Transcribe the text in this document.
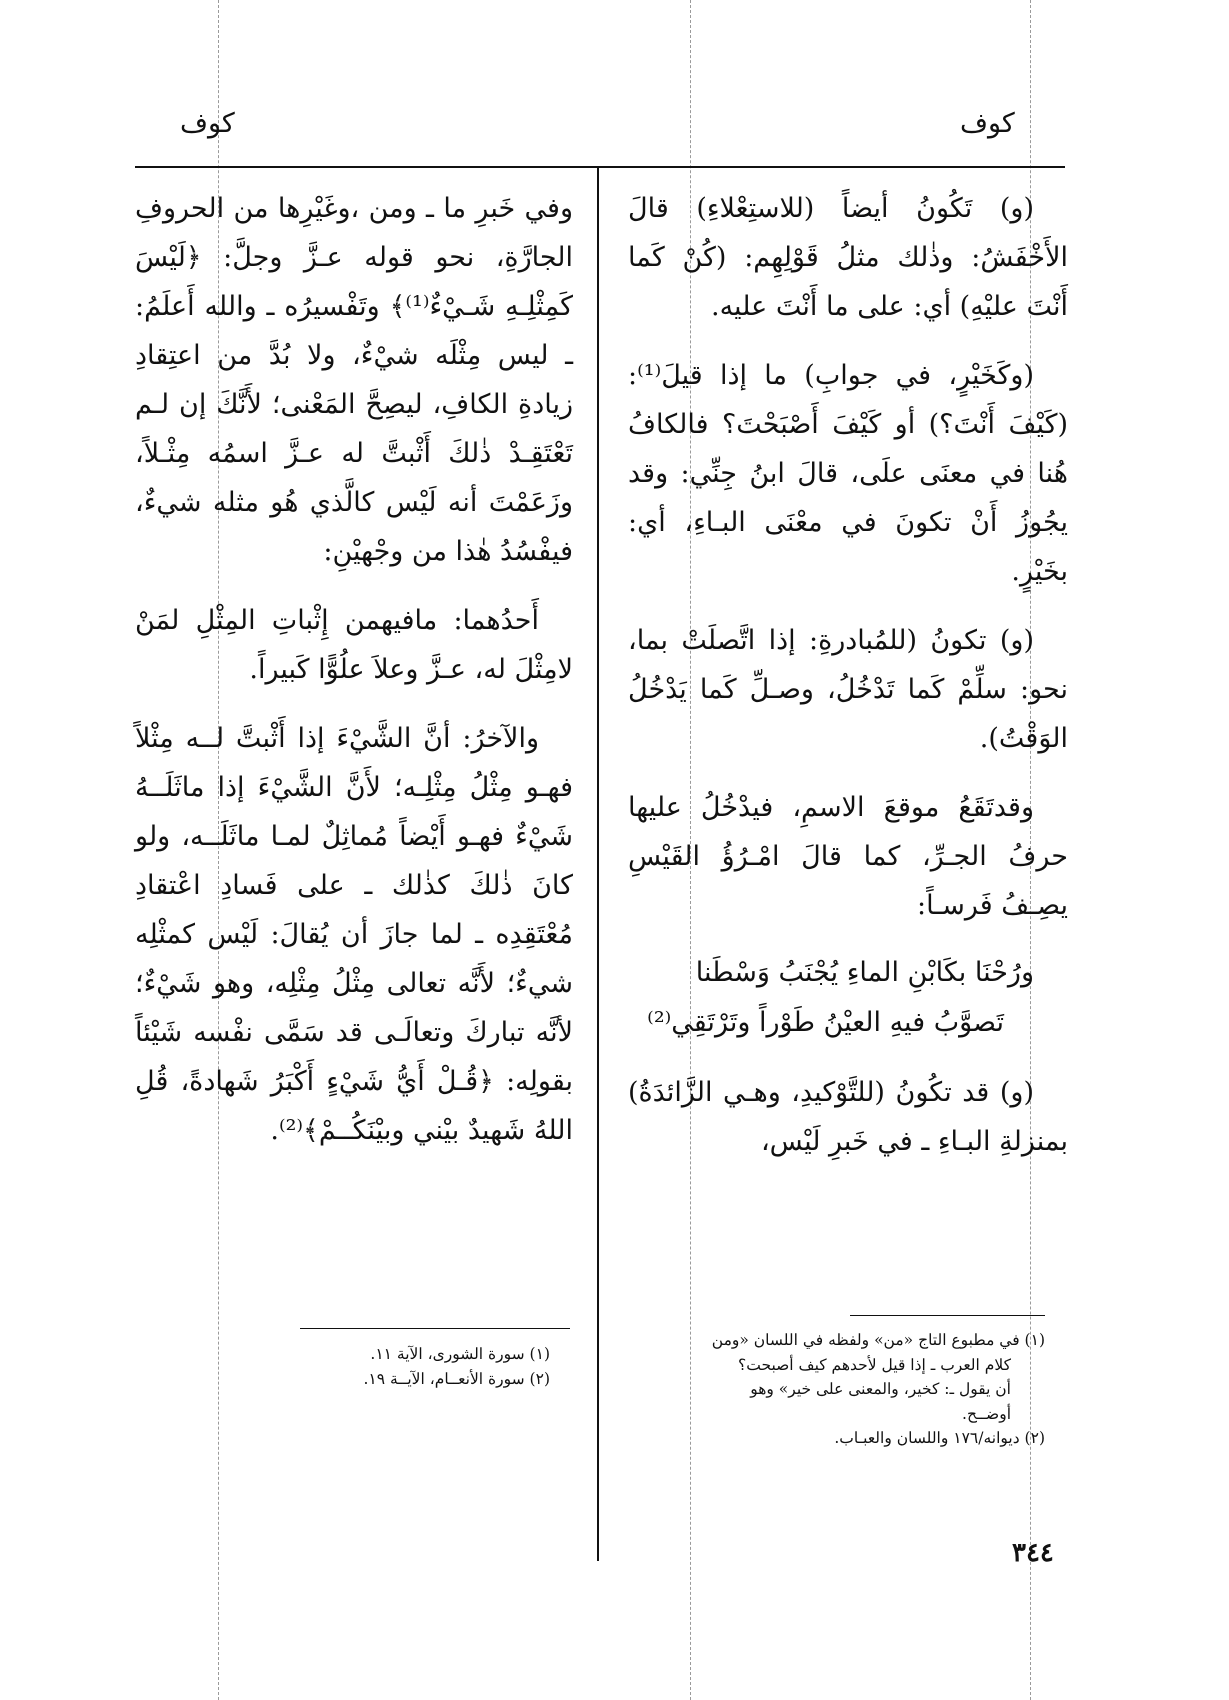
كوف	كوف

(و) تَكُونُ أيضاً (للاستِعْلاءِ) قالَ الأَخْفَشُ: وذٰلك مثلُ قَوْلِهِم: (كُنْ كَما أَنْتَ عليْهِ) أي: على ما أَنْتَ عليه.

(وكَخَيْرٍ، في جوابِ) ما إذا قيلَ⁽¹⁾: (كَيْفَ أَنْتَ؟) أو كَيْفَ أَصْبَحْتَ؟ فالكافُ هُنا في معنَى علَى، قالَ ابنُ جِنِّي: وقد يجُوزُ أَنْ تكونَ في معْنَى البـاءِ، أي: بخَيْرٍ.

(و) تكونُ (للمُبادرةِ: إذا اتَّصلَتْ بما، نحو: سلِّمْ كَما تَدْخُلُ، وصـلِّ كَما يَدْخُلُ الوَقْتُ).

وقدتَقَعُ موقعَ الاسمِ، فيدْخُلُ عليها حرفُ الجـرِّ، كما قالَ امْـرُؤُ القَيْسِ يصِـفُ فَرسـاً:

ورُحْنَا بكَابْنِ الماءِ يُجْنَبُ وَسْطَنا
تَصوَّبُ فيهِ العيْنُ طَوْراً وتَرْتَقِي⁽²⁾

(و) قد تكُونُ (للتَّوْكيدِ، وهـي الزَّائدَةُ) بمنزلةِ البـاءِ ـ في خَبرِ لَيْس،

(١) في مطبوع التاج «من» ولفظه في اللسان «ومن
كلام العرب ـ إذا قيل لأحدهم كيف أصبحت؟
أن يقول ـ: كخير، والمعنى على خير» وهو
أوضــح.
(٢) ديوانه/١٧٦ واللسان والعبـاب.

وفي خَبرِ ما ـ ومن ،وغَيْرِها من الحروفِ الجارَّةِ، نحو قوله عـزَّ وجلَّ: ﴿لَيْسَ كَمِثْلِـهِ شَـيْءٌ⁽¹⁾﴾ وتَفْسيرُه ـ والله أَعلَمُ: ـ ليس مِثْلَه شيْءٌ، ولا بُدَّ من اعتِقادِ زيادةِ الكافِ، ليصِحَّ المَعْنى؛ لأَنَّكَ إن لـم تَعْتَقِـدْ ذٰلكَ أَثْبتَّ له عـزَّ اسمُه مِثْـلاً، وزَعَمْتَ أنه لَيْس كالَّذي هُو مثله شيءٌ، فيفْسُدُ هٰذا من وجْهيْنِ:

أَحدُهما: مافيهمن إِثْباتِ المِثْلِ لمَنْ لامِثْلَ له، عـزَّ وعلاَ علُوًّا كَبيراً.

والآخرُ: أنَّ الشَّيْءَ إذا أَثْبتَّ لــه مِثْلاً فهـو مِثْلُ مِثْلِـه؛ لأَنَّ الشَّيْءَ إذا ماثَلَــهُ شَيْءٌ فهـو أَيْضاً مُماثِلٌ لمـا ماثَلَــه، ولو كانَ ذٰلكَ كذٰلك ـ على فَسادِ اعْتقادِ مُعْتَقِدِه ـ لما جازَ أن يُقالَ: لَيْس كمثْلِه شيءٌ؛ لأَنَّه تعالى مِثْلُ مِثْلِه، وهو شَيْءٌ؛ لأنَّه تباركَ وتعالَـى قد سَمَّى نفْسه شَيْئاً بقولِه: ﴿قُـلْ أَيُّ شَيْءٍ أَكْبَرُ شَهادةً، قُلِ اللهُ شَهيدٌ بيْني وبيْنَكُــمْ﴾⁽²⁾.

(١) سورة الشورى، الآية ١١.
(٢) سورة الأنعــام، الآيــة ١٩.
٣٤٤
